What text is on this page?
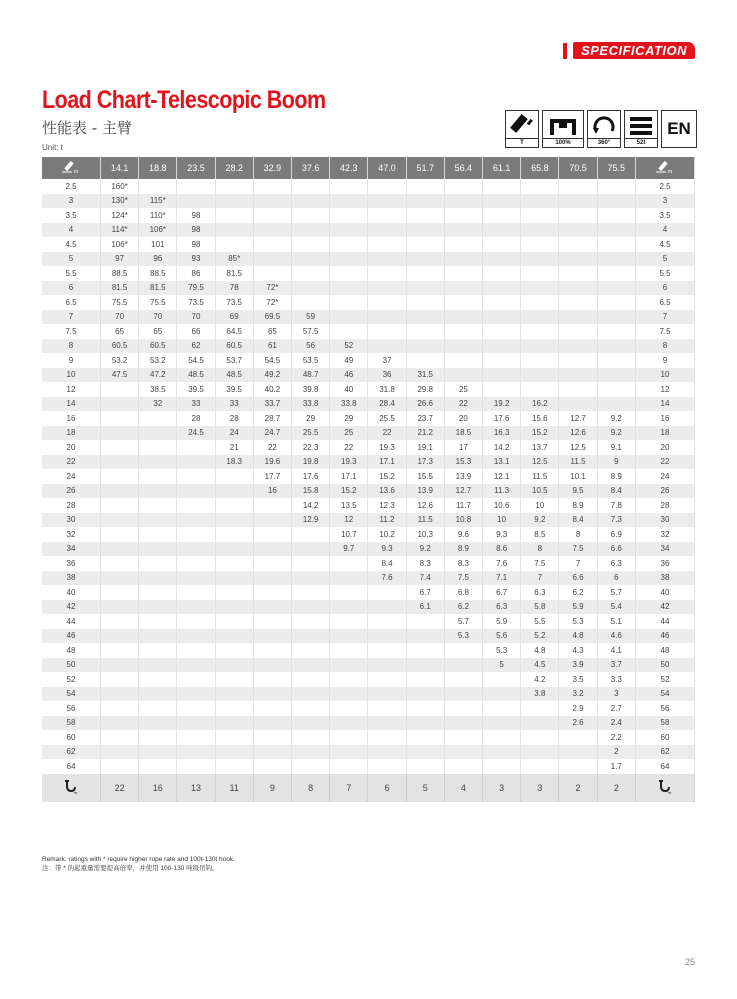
SPECIFICATION
Load Chart-Telescopic Boom
性能表 - 主臂
Unit: t	T	100%	360°	52t
EN
m	14.1	18.8	23.5	28.2	32.9	37.6	42.3	47.0	51.7	56.4	61.1	65.8	70.5	75.5	m

2.5	160*														2.5
3	130*	115*													3
3.5	124*	110*	98												3.5
4	114*	106*	98												4
4.5	106*	101	98												4.5
5	97	96	93	85*											5
5.5	88.5	88.5	86	81.5											5.5
6	81.5	81.5	79.5	78	72*										6
6.5	75.5	75.5	73.5	73.5	72*										6.5
7	70	70	70	69	69.5	59									7
7.5	65	65	66	64.5	65	57.5									7.5
8	60.5	60.5	62	60.5	61	56	52								8
9	53.2	53.2	54.5	53.7	54.5	53.5	49	37							9
10	47.5	47.2	48.5	48.5	49.2	48.7	46	36	31.5						10
12		38.5	39.5	39.5	40.2	39.8	40	31.8	29.8	25					12
14		32	33	33	33.7	33.8	33.8	28.4	26.6	22	19.2	16.2			14
16			28	28	28.7	29	29	25.5	23.7	20	17.6	15.6	12.7	9.2	16
18			24.5	24	24.7	25.5	25	22	21.2	18.5	16.3	15.2	12.6	9.2	18
20				21	22	22.3	22	19.3	19.1	17	14.2	13.7	12.5	9.1	20
22				18.3	19.6	19.8	19.3	17.1	17.3	15.3	13.1	12.5	11.5	9	22
24					17.7	17.6	17.1	15.2	15.5	13.9	12.1	11.5	10.1	8.9	24
26					16	15.8	15.2	13.6	13.9	12.7	11.3	10.5	9.5	8.4	26
28						14.2	13.5	12.3	12.6	11.7	10.6	10	8.9	7.8	28
30						12.9	12	11.2	11.5	10.8	10	9.2	8.4	7.3	30
32							10.7	10.2	10.3	9.6	9.3	8.5	8	6.9	32
34							9.7	9.3	9.2	8.9	8.6	8	7.5	6.6	34
36								8.4	8.3	8.3	7.6	7.5	7	6.3	36
38								7.6	7.4	7.5	7.1	7	6.6	6	38
40									6.7	6.8	6.7	6.3	6.2	5.7	40
42									6.1	6.2	6.3	5.8	5.9	5.4	42
44										5.7	5.9	5.5	5.3	5.1	44
46										5.3	5.6	5.2	4.8	4.6	46
48											5.3	4.8	4.3	4.1	48
50											5	4.5	3.9	3.7	50
52												4.2	3.5	3.3	52
54												3.8	3.2	3	54
56													2.9	2.7	56
58													2.6	2.4	58
60														2.2	60
62														2	62
64														1.7	64

m	22	16	13	11	9	8	7	6	5	4	3	3	2	2	m
Remark: ratings with * require higher rope rate and 100t-130t hook.
注：带 * 的起重量需要提高倍率，并使用 100-130 吨级吊钩。
25
